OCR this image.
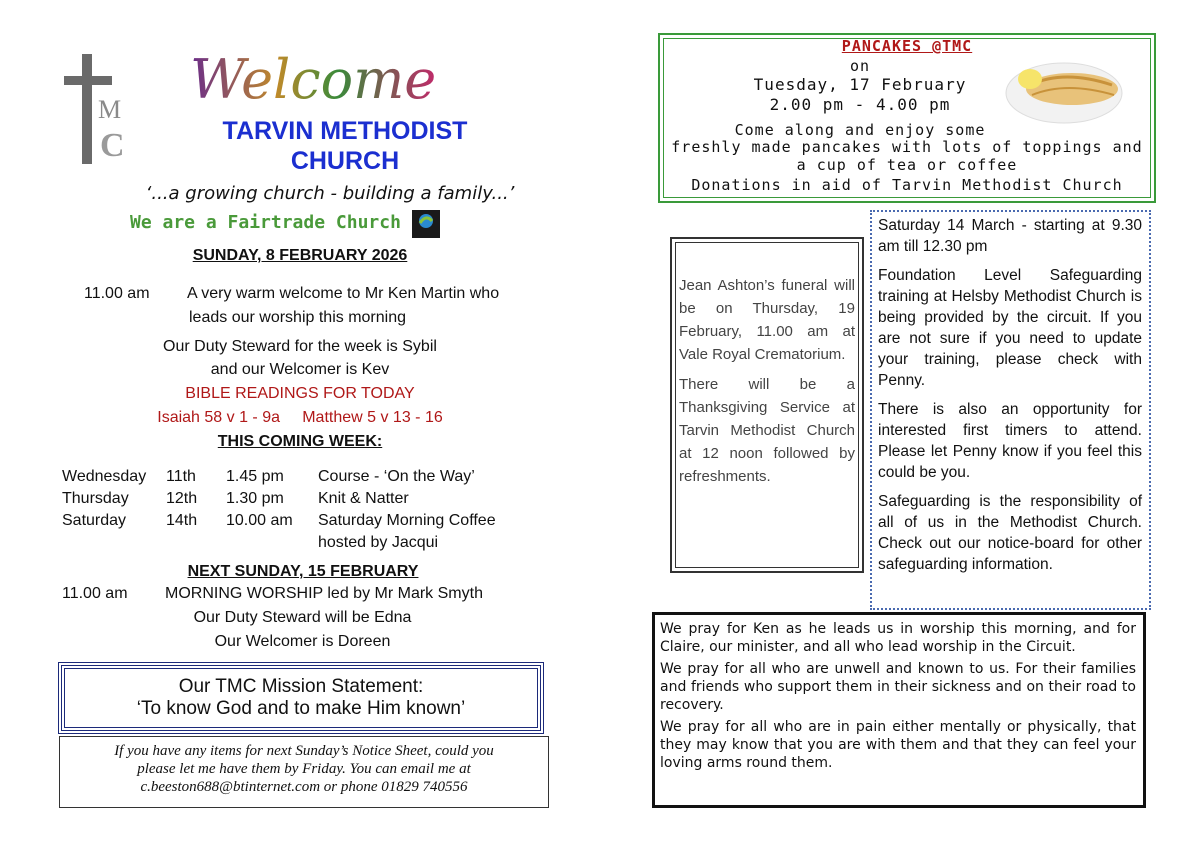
M
C
Welcome
TARVIN METHODIST
CHURCH
‘...a growing church - building a family...’
We are a Fairtrade Church
SUNDAY, 8 FEBRUARY 2026
11.00 am A very warm welcome to Mr Ken Martin who
leads our worship this morning
Our Duty Steward for the week is Sybil
and our Welcomer is Kev
BIBLE READINGS FOR TODAY
Isaiah 58 v 1 - 9a     Matthew 5 v 13 - 16
THIS COMING WEEK:
Wednesday 11th 1.45 pm Course - ‘On the Way’
Thursday 12th 1.30 pm Knit & Natter
Saturday 14th 10.00 am Saturday Morning Coffee
hosted by Jacqui
NEXT SUNDAY, 15 FEBRUARY
11.00 am MORNING WORSHIP led by Mr Mark Smyth
Our Duty Steward will be Edna
Our Welcomer is Doreen
Our TMC Mission Statement:
‘To know God and to make Him known’
If you have any items for next Sunday’s Notice Sheet, could you
please let me have them by Friday. You can email me at
c.beeston688@btinternet.com or phone 01829 740556
PANCAKES @TMC
on
Tuesday, 17 February
2.00 pm - 4.00 pm
Come along and enjoy some
freshly made pancakes with lots of toppings and
a cup of tea or coffee
Donations in aid of Tarvin Methodist Church

Jean Ashton’s funeral will be on Thursday, 19 February, 11.00 am at Vale Royal Crematorium.

There will be a Thanksgiving Service at Tarvin Methodist Church at 12 noon followed by refreshments.

Saturday 14 March - starting at 9.30 am till 12.30 pm

Foundation Level Safeguarding training at Helsby Methodist Church is being provided by the circuit. If you are not sure if you need to update your training, please check with Penny.

There is also an opportunity for interested first timers to attend. Please let Penny know if you feel this could be you.

Safeguarding is the responsibility of all of us in the Methodist Church. Check out our notice-board for other safeguarding information.

We pray for Ken as he leads us in worship this morning, and for Claire, our minister, and all who lead worship in the Circuit.

We pray for all who are unwell and known to us. For their families and friends who support them in their sickness and on their road to recovery.

We pray for all who are in pain either mentally or physically, that they may know that you are with them and that they can feel your loving arms round them.
